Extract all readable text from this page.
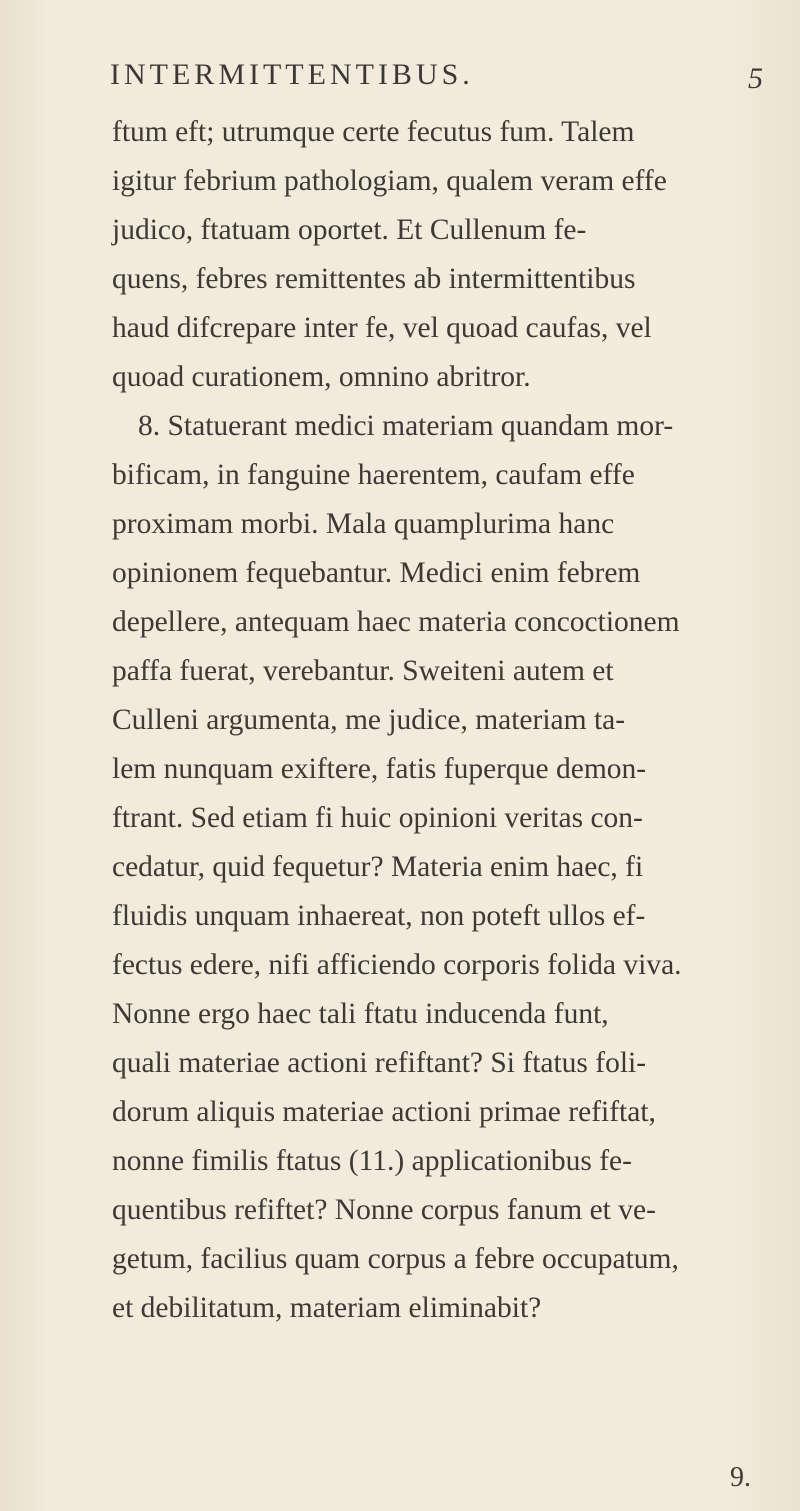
INTERMITTENTIBUS.	5
ftum eft; utrumque certe fecutus fum. Talem
igitur febrium pathologiam, qualem veram effe
judico, ftatuam oportet. Et Cullenum fe-
quens, febres remittentes ab intermittentibus
haud difcrepare inter fe, vel quoad caufas, vel
quoad curationem, omnino abritror.
8. Statuerant medici materiam quandam mor-
bificam, in fanguine haerentem, caufam effe
proximam morbi. Mala quamplurima hanc
opinionem fequebantur. Medici enim febrem
depellere, antequam haec materia concoctionem
paffa fuerat, verebantur. Sweiteni autem et
Culleni argumenta, me judice, materiam ta-
lem nunquam exiftere, fatis fuperque demon-
ftrant. Sed etiam fi huic opinioni veritas con-
cedatur, quid fequetur? Materia enim haec, fi
fluidis unquam inhaereat, non poteft ullos ef-
fectus edere, nifi afficiendo corporis folida viva.
Nonne ergo haec tali ftatu inducenda funt,
quali materiae actioni refiftant? Si ftatus foli-
dorum aliquis materiae actioni primae refiftat,
nonne fimilis ftatus (11.) applicationibus fe-
quentibus refiftet? Nonne corpus fanum et ve-
getum, facilius quam corpus a febre occupatum,
et debilitatum, materiam eliminabit?
9.
